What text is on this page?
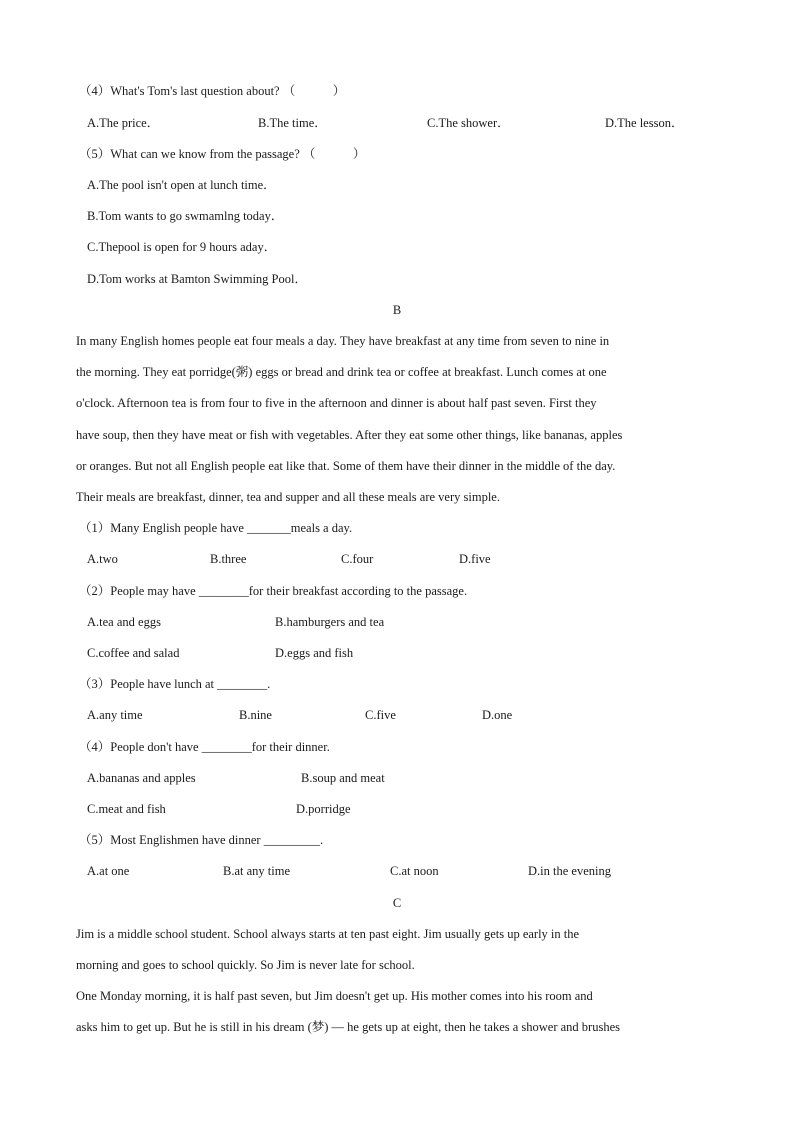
（4）What's Tom's last question about? （　　　）
A.The price．	B.The time．	C.The shower．	D.The lesson．
（5）What can we know from the passage? （　　　）
A.The pool isn't open at lunch time．
B.Tom wants to go swmamlng today．
C.Thepool is open for 9 hours aday．
D.Tom works at Bamton Swimming Pool．
B
In many English homes people eat four meals a day. They have breakfast at any time from seven to nine in
the morning. They eat porridge(粥) eggs or bread and drink tea or coffee at breakfast. Lunch comes at one
o'clock. Afternoon tea is from four to five in the afternoon and dinner is about half past seven. First they
have soup, then they have meat or fish with vegetables. After they eat some other things, like bananas, apples
or oranges. But not all English people eat like that. Some of them have their dinner in the middle of the day.
Their meals are breakfast, dinner, tea and supper and all these meals are very simple.
（1）Many English people have _______meals a day.
A.two	B.three	C.four	D.five
（2）People may have ________for their breakfast according to the passage.
A.tea and eggs	B.hamburgers and tea
C.coffee and salad	D.eggs and fish
（3）People have lunch at ________.
A.any time	B.nine	C.five	D.one
（4）People don't have ________for their dinner.
A.bananas and apples	B.soup and meat
C.meat and fish	D.porridge
（5）Most Englishmen have dinner _________.
A.at one	B.at any time	C.at noon	D.in the evening
C
Jim is a middle school student. School always starts at ten past eight. Jim usually gets up early in the
morning and goes to school quickly. So Jim is never late for school.
One Monday morning, it is half past seven, but Jim doesn't get up. His mother comes into his room and
asks him to get up. But he is still in his dream (梦) — he gets up at eight, then he takes a shower and brushes
